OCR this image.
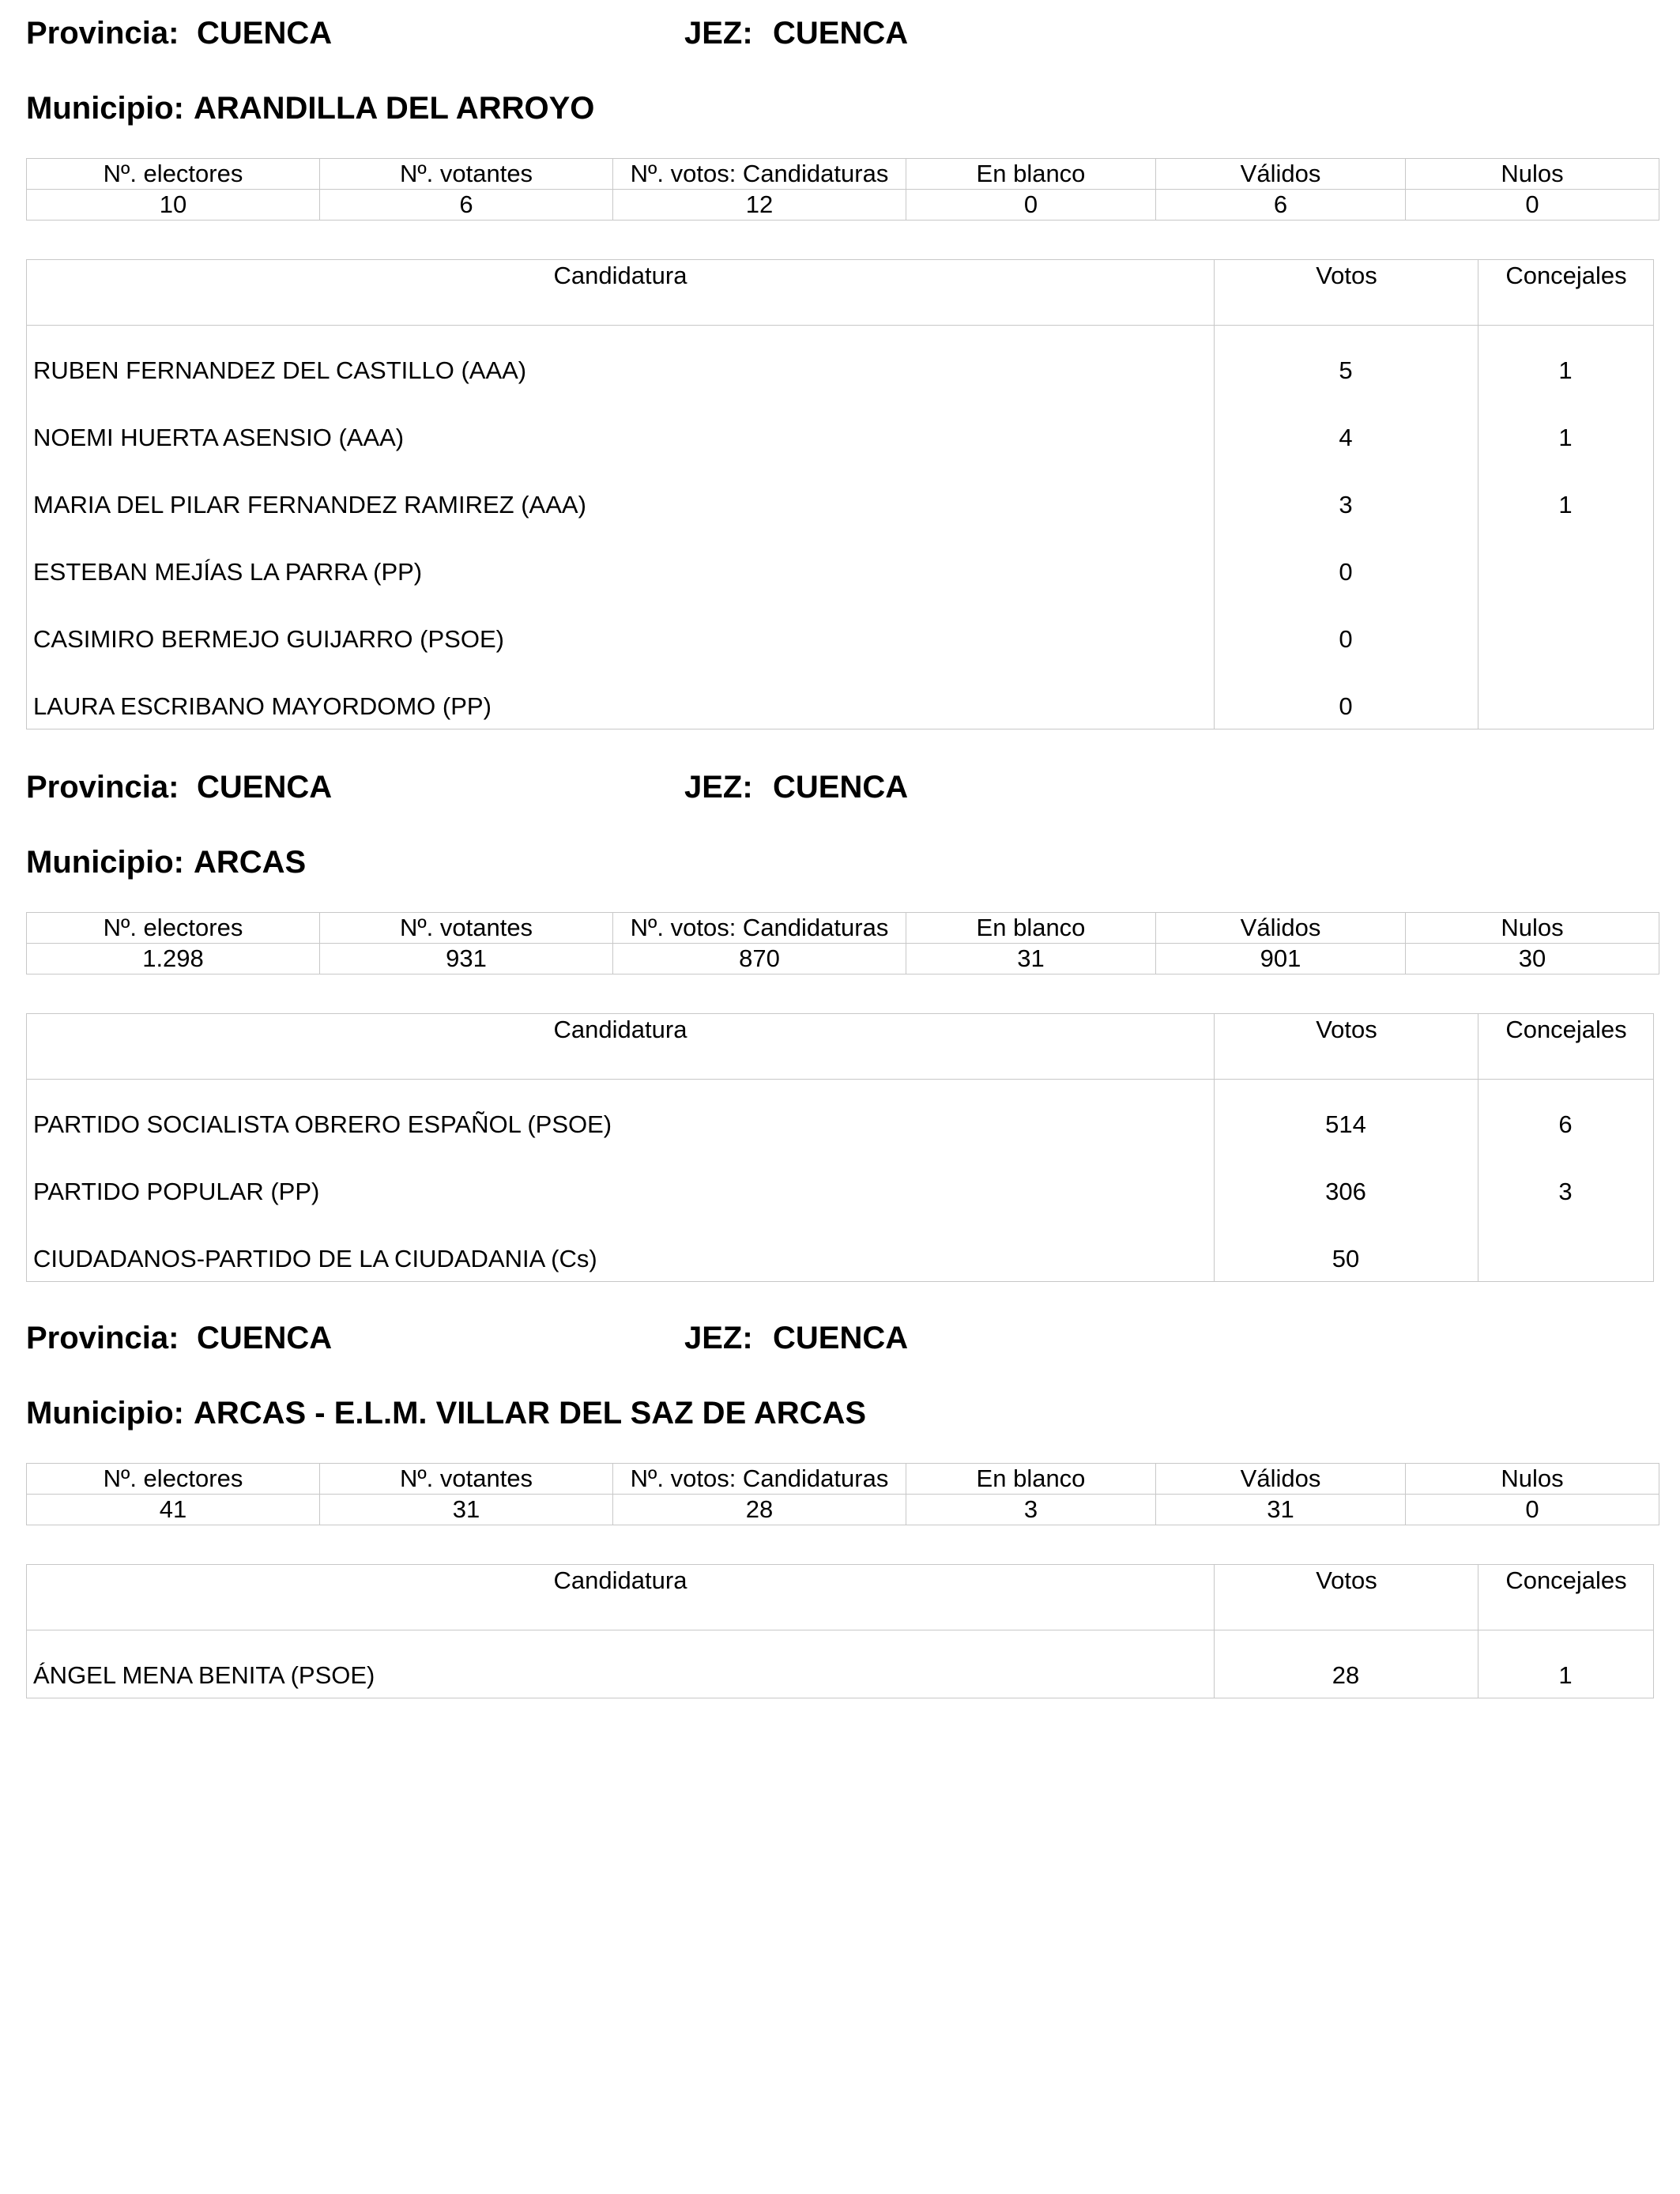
Provincia: CUENCA	JEZ: CUENCA
Municipio: ARANDILLA DEL ARROYO
Nº. electores	Nº. votantes	Nº. votos: Candidaturas	En blanco	Válidos	Nulos
10	6	12	0	6	0
Candidatura	Votos	Concejales
RUBEN FERNANDEZ DEL CASTILLO (AAA)	5	1
NOEMI HUERTA ASENSIO (AAA)	4	1
MARIA DEL PILAR FERNANDEZ RAMIREZ (AAA)	3	1
ESTEBAN MEJÍAS LA PARRA (PP)	0
CASIMIRO BERMEJO GUIJARRO (PSOE)	0
LAURA ESCRIBANO MAYORDOMO (PP)	0
Provincia: CUENCA	JEZ: CUENCA
Municipio: ARCAS
Nº. electores	Nº. votantes	Nº. votos: Candidaturas	En blanco	Válidos	Nulos
1.298	931	870	31	901	30
Candidatura	Votos	Concejales
PARTIDO SOCIALISTA OBRERO ESPAÑOL (PSOE)	514	6
PARTIDO POPULAR (PP)	306	3
CIUDADANOS-PARTIDO DE LA CIUDADANIA (Cs)	50
Provincia: CUENCA	JEZ: CUENCA
Municipio: ARCAS - E.L.M. VILLAR DEL SAZ DE ARCAS
Nº. electores	Nº. votantes	Nº. votos: Candidaturas	En blanco	Válidos	Nulos
41	31	28	3	31	0
Candidatura	Votos	Concejales
ÁNGEL MENA BENITA (PSOE)	28	1
